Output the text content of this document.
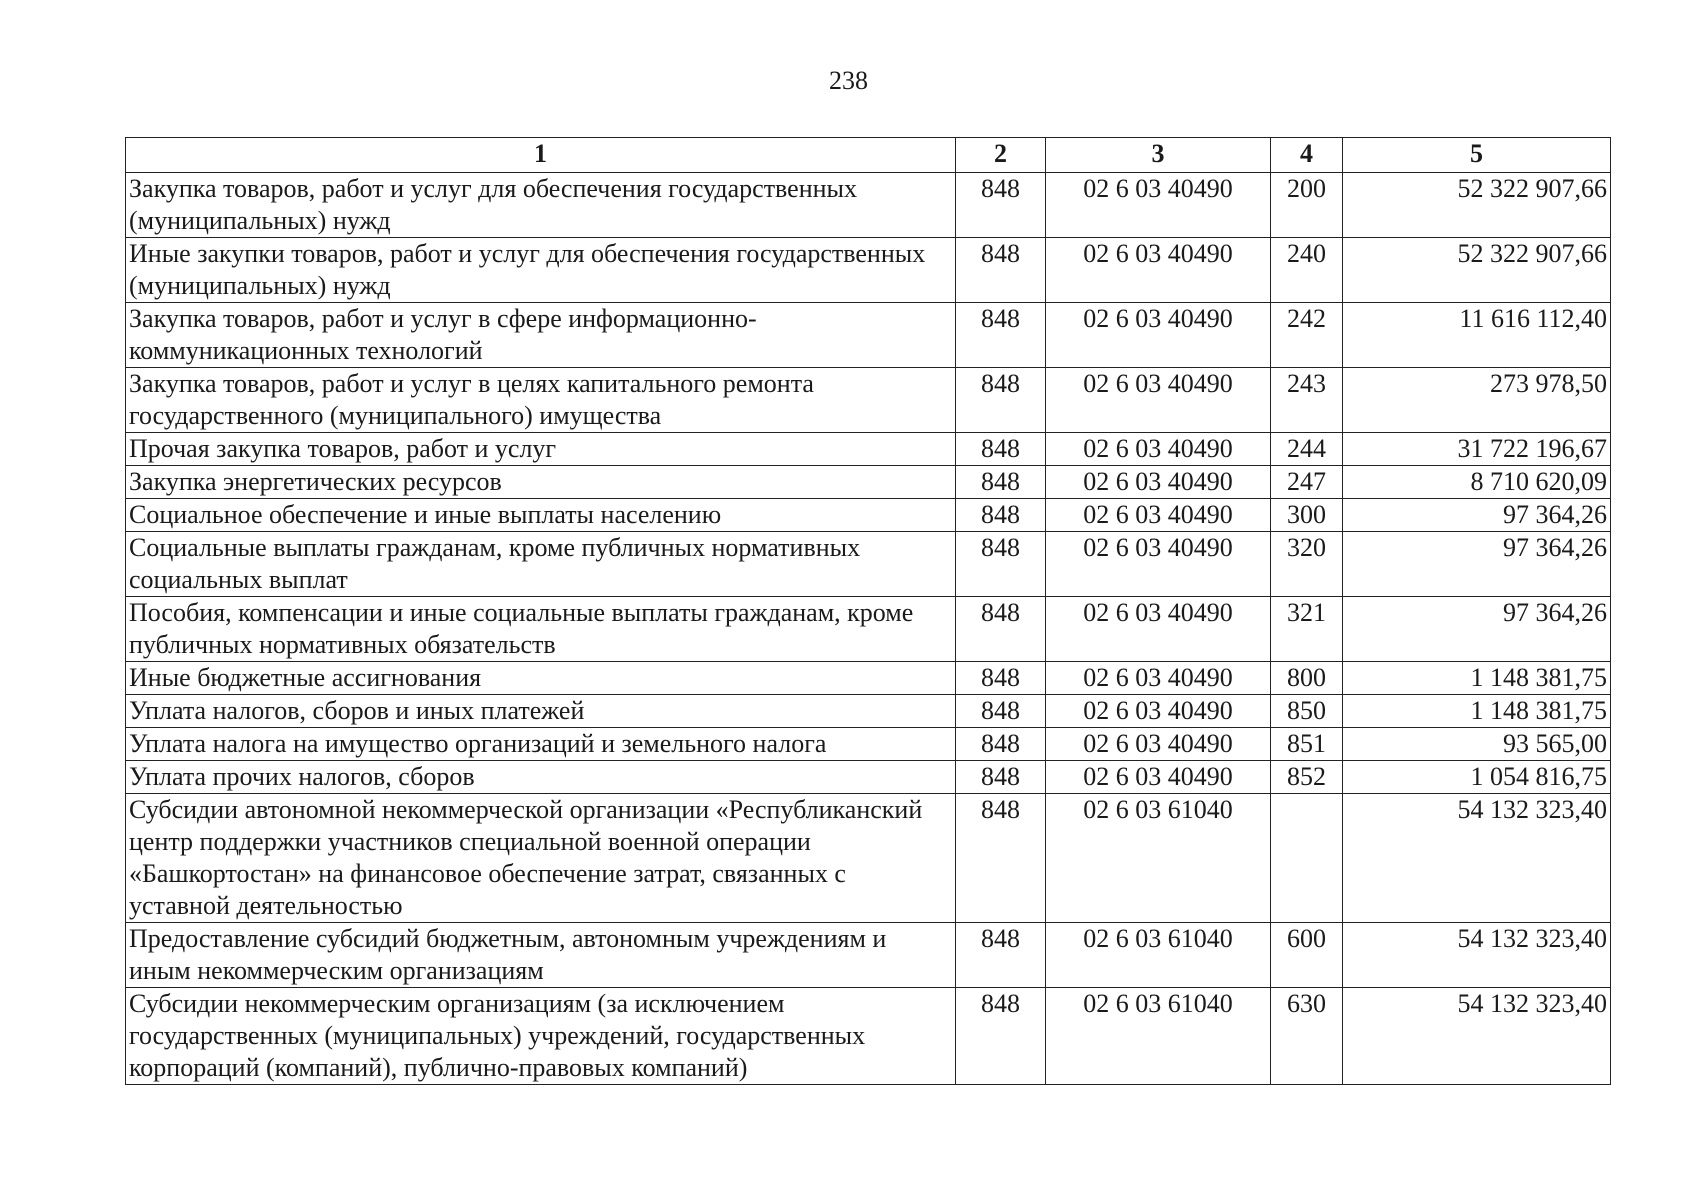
238
1	2	3	4	5
Закупка товаров, работ и услуг для обеспечения государственных (муниципальных) нужд	848	02 6 03 40490	200	52 322 907,66
Иные закупки товаров, работ и услуг для обеспечения государственных (муниципальных) нужд	848	02 6 03 40490	240	52 322 907,66
Закупка товаров, работ и услуг в сфере информационно-коммуникационных технологий	848	02 6 03 40490	242	11 616 112,40
Закупка товаров, работ и услуг в целях капитального ремонта государственного (муниципального) имущества	848	02 6 03 40490	243	273 978,50
Прочая закупка товаров, работ и услуг	848	02 6 03 40490	244	31 722 196,67
Закупка энергетических ресурсов	848	02 6 03 40490	247	8 710 620,09
Социальное обеспечение и иные выплаты населению	848	02 6 03 40490	300	97 364,26
Социальные выплаты гражданам, кроме публичных нормативных социальных выплат	848	02 6 03 40490	320	97 364,26
Пособия, компенсации и иные социальные выплаты гражданам, кроме публичных нормативных обязательств	848	02 6 03 40490	321	97 364,26
Иные бюджетные ассигнования	848	02 6 03 40490	800	1 148 381,75
Уплата налогов, сборов и иных платежей	848	02 6 03 40490	850	1 148 381,75
Уплата налога на имущество организаций и земельного налога	848	02 6 03 40490	851	93 565,00
Уплата прочих налогов, сборов	848	02 6 03 40490	852	1 054 816,75
Субсидии автономной некоммерческой организации «Республиканский центр поддержки участников специальной военной операции «Башкортостан» на финансовое обеспечение затрат, связанных с уставной деятельностью	848	02 6 03 61040		54 132 323,40
Предоставление субсидий бюджетным, автономным учреждениям и иным некоммерческим организациям	848	02 6 03 61040	600	54 132 323,40
Субсидии некоммерческим организациям (за исключением государственных (муниципальных) учреждений, государственных корпораций (компаний), публично-правовых компаний)	848	02 6 03 61040	630	54 132 323,40
